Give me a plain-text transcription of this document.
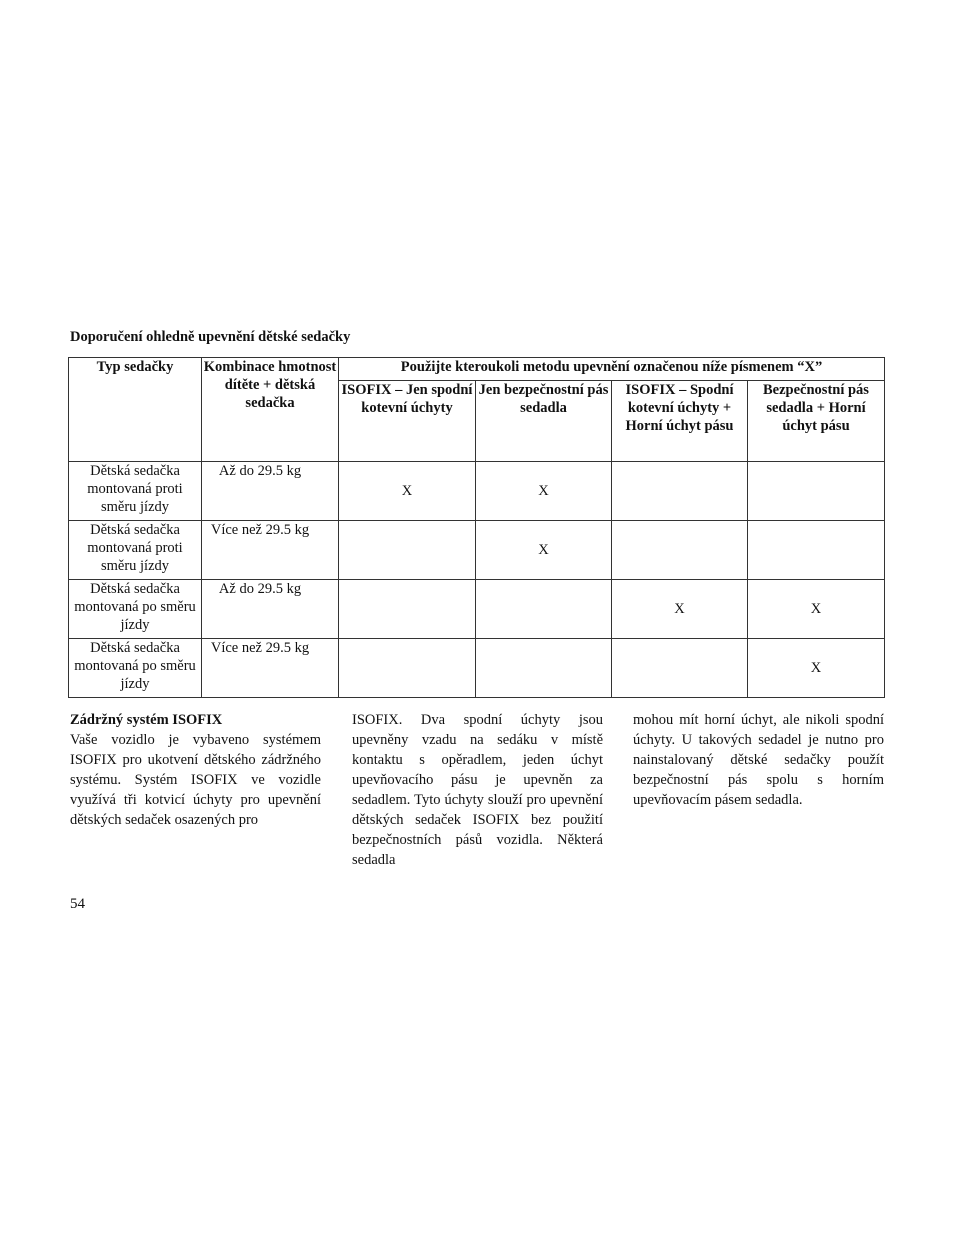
Doporučení ohledně upevnění dětské sedačky
Typ sedačky	Kombinace hmotnost dítěte + dětská sedačka	Použijte kteroukoli metodu upevnění označenou níže písmenem “X”			
		ISOFIX – Jen spodní kotevní úchyty	Jen bezpečnostní pás sedadla	ISOFIX – Spodní kotevní úchyty + Horní úchyt pásu	Bezpečnostní pás sedadla + Horní úchyt pásu
Dětská sedačka montovaná proti směru jízdy	Až do 29.5 kg	X	X		
Dětská sedačka montovaná proti směru jízdy	Více než 29.5 kg		X		
Dětská sedačka montovaná po směru jízdy	Až do 29.5 kg			X	X
Dětská sedačka montovaná po směru jízdy	Více než 29.5 kg				X

Zádržný systém ISOFIX

Vaše vozidlo je vybaveno systémem ISOFIX pro ukotvení dětského zádržného systému. Systém ISOFIX ve vozidle využívá tři kotvicí úchyty pro upevnění dětských sedaček osazených pro

ISOFIX. Dva spodní úchyty jsou upevněny vzadu na sedáku v místě kontaktu s opěradlem, jeden úchyt upevňovacího pásu je upevněn za sedadlem. Tyto úchyty slouží pro upevnění dětských sedaček ISOFIX bez použití bezpečnostních pásů vozidla. Některá sedadla

mohou mít horní úchyt, ale nikoli spodní úchyty. U takových sedadel je nutno pro nainstalovaný dětské sedačky použít bezpečnostní pás spolu s horním upevňovacím pásem sedadla.

54
